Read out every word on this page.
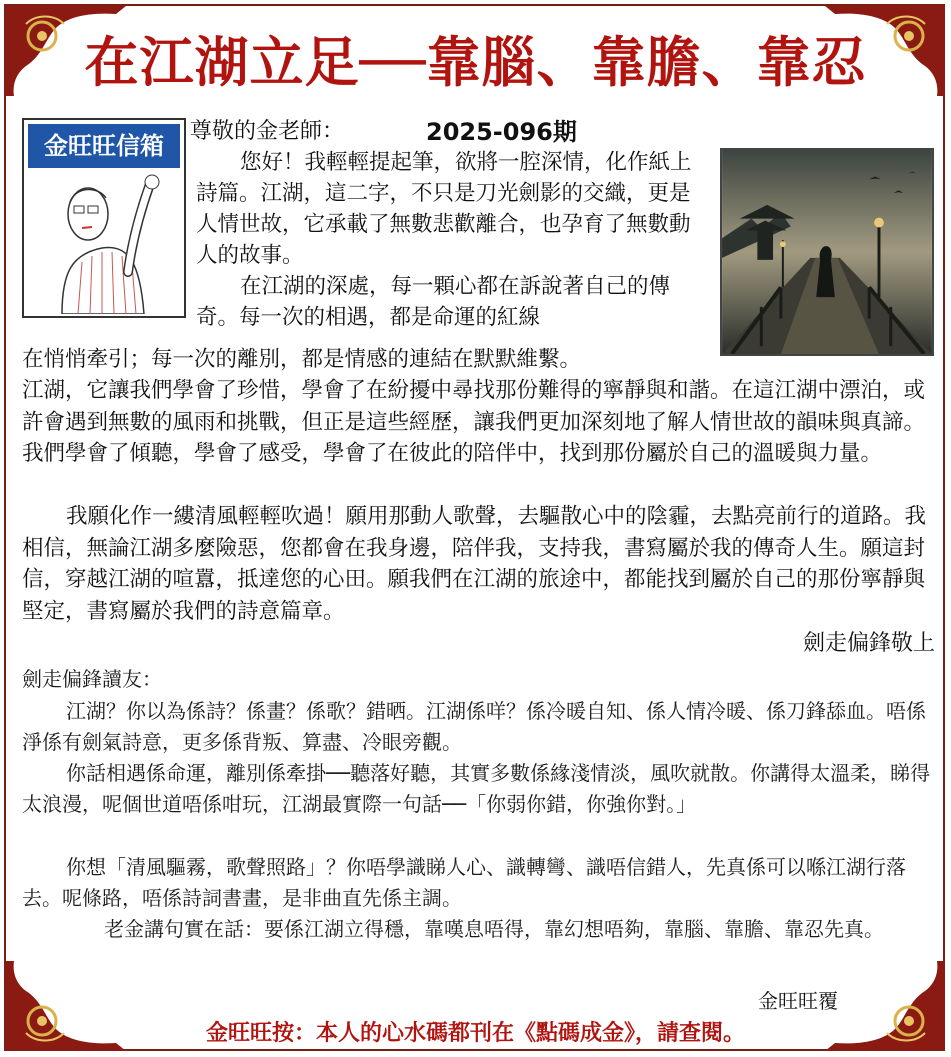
在江湖立足──靠腦、靠膽、靠忍
金旺旺信箱
尊敬的金老師：	2025-096期
您好！我輕輕提起筆，欲將一腔深情，化作紙上詩篇。江湖，這二字，不只是刀光劍影的交織，更是人情世故，它承載了無數悲歡離合，也孕育了無數動人的故事。
在江湖的深處，每一顆心都在訴說著自己的傳奇。每一次的相遇，都是命運的紅線
在悄悄牽引；每一次的離別，都是情感的連結在默默維繫。
江湖，它讓我們學會了珍惜，學會了在紛擾中尋找那份難得的寧靜與和諧。在這江湖中漂泊，或許會遇到無數的風雨和挑戰，但正是這些經歷，讓我們更加深刻地了解人情世故的韻味與真諦。我們學會了傾聽，學會了感受，學會了在彼此的陪伴中，找到那份屬於自己的溫暖與力量。
我願化作一縷清風輕輕吹過！願用那動人歌聲，去驅散心中的陰霾，去點亮前行的道路。我相信，無論江湖多麼險惡，您都會在我身邊，陪伴我，支持我，書寫屬於我的傳奇人生。願這封信，穿越江湖的喧囂，抵達您的心田。願我們在江湖的旅途中，都能找到屬於自己的那份寧靜與堅定，書寫屬於我們的詩意篇章。
劍走偏鋒敬上
劍走偏鋒讀友：
江湖？你以為係詩？係畫？係歌？錯晒。江湖係咩？係冷暖自知、係人情冷暖、係刀鋒舔血。唔係淨係有劍氣詩意，更多係背叛、算盡、冷眼旁觀。
你話相遇係命運，離別係牽掛──聽落好聽，其實多數係緣淺情淡，風吹就散。你講得太溫柔，睇得太浪漫，呢個世道唔係咁玩，江湖最實際一句話──「你弱你錯，你強你對。」
你想「清風驅霧，歌聲照路」？你唔學識睇人心、識轉彎、識唔信錯人，先真係可以喺江湖行落去。呢條路，唔係詩詞書畫，是非曲直先係主調。
老金講句實在話：要係江湖立得穩，靠嘆息唔得，靠幻想唔夠，靠腦、靠膽、靠忍先真。
金旺旺覆
金旺旺按：本人的心水碼都刊在《點碼成金》，請查閱。
